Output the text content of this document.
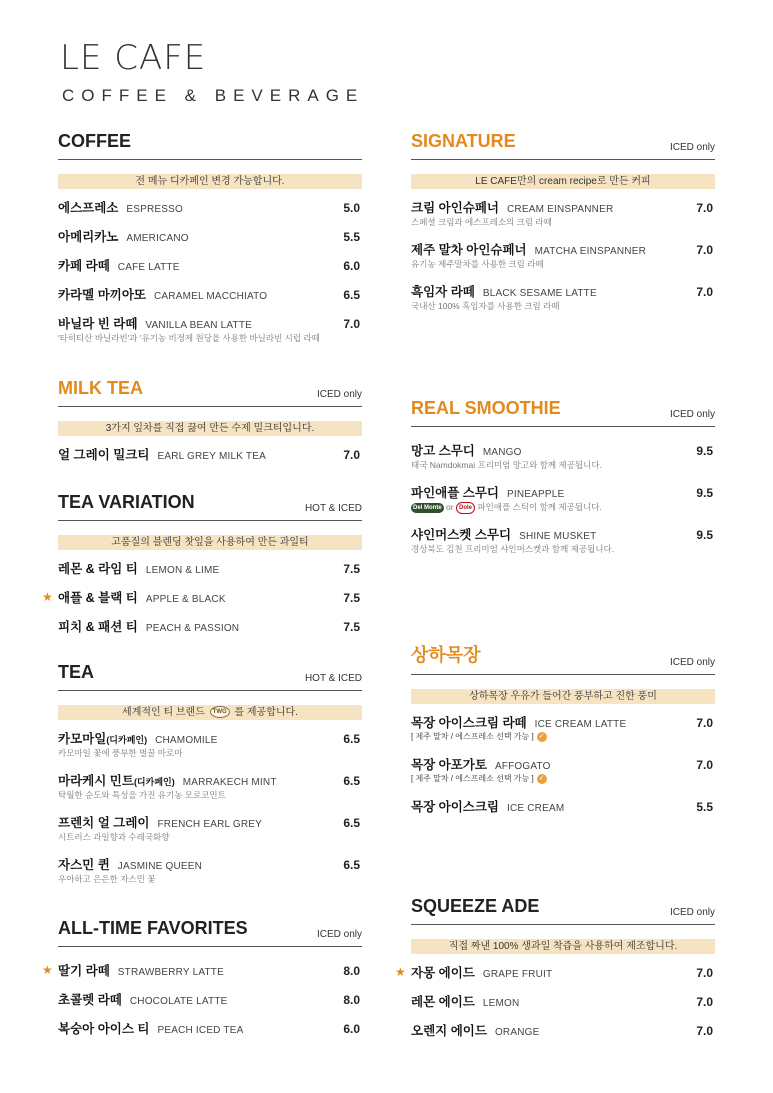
LE CAFE
COFFEE & BEVERAGE
COFFEE
전 메뉴 디카페인 변경 가능합니다.
에스프레소 ESPRESSO	5.0
아메리카노 AMERICANO	5.5
카페 라떼 CAFE LATTE	6.0
카라멜 마끼아또 CARAMEL MACCHIATO	6.5
바닐라 빈 라떼 VANILLA BEAN LATTE	7.0
'타히티산 바닐라빈'과 '유기농 비정제 원당을 사용한 바닐라빈 시럽 라떼
MILK TEA	ICED only
3가지 잎차를 직접 끓여 만든 수제 밀크티입니다.
얼 그레이 밀크티 EARL GREY MILK TEA	7.0
TEA VARIATION	HOT & ICED
고품질의 블렌딩 찻잎을 사용하여 만든 과일티
레몬 & 라임 티 LEMON & LIME	7.5
★ 애플 & 블랙 티 APPLE & BLACK	7.5
피치 & 패션 티 PEACH & PASSION	7.5
TEA	HOT & ICED
세계적인 티 브랜드 TWG 를 제공합니다.
카모마일 (디카페인) CHAMOMILE	6.5
카모마일 꽃에 풍부한 벌꿀 아로마
마라케시 민트 (디카페인) MARRAKECH MINT	6.5
탁월한 순도와 특성을 가진 유기농 모로코민트
프렌치 얼 그레이 FRENCH EARL GREY	6.5
시트러스 과일향과 수레국화향
자스민 퀸 JASMINE QUEEN	6.5
우아하고 은은한 자스민 꽃
ALL-TIME FAVORITES	ICED only
★ 딸기 라떼 STRAWBERRY LATTE	8.0
초콜렛 라떼 CHOCOLATE LATTE	8.0
복숭아 아이스 티 PEACH ICED TEA	6.0
SIGNATURE	ICED only
LE CAFE만의 cream recipe로 만든 커피
크림 아인슈페너 CREAM EINSPANNER	7.0
스페셜 크림과 에스프레소의 크림 라떼
제주 말차 아인슈페너 MATCHA EINSPANNER	7.0
유기농 제주말차를 사용한 크림 라떼
흑임자 라떼 BLACK SESAME LATTE	7.0
국내산 100% 흑임자를 사용한 크림 라떼
REAL SMOOTHIE	ICED only
망고 스무디 MANGO	9.5
태국 Namdokmai 프리미엄 망고와 함께 제공됩니다.
파인애플 스무디 PINEAPPLE	9.5
Del Monte or Dole 파인애플 스틱이 함께 제공됩니다.
샤인머스켓 스무디 SHINE MUSKET	9.5
경상북도 김천 프리미엄 샤인머스켓과 함께 제공됩니다.
상하목장	ICED only
상하목장 우유가 들어간 풍부하고 진한 풍미
목장 아이스크림 라떼 ICE CREAM LATTE	7.0
[ 제주 말차 / 에스프레소 선택 가능 ] ✓
목장 아포가토 AFFOGATO	7.0
[ 제주 말차 / 에스프레소 선택 가능 ] ✓
목장 아이스크림 ICE CREAM	5.5
SQUEEZE ADE	ICED only
직접 짜낸 100% 생과일 착즙을 사용하여 제조합니다.
★ 자몽 에이드 GRAPE FRUIT	7.0
레몬 에이드 LEMON	7.0
오렌지 에이드 ORANGE	7.0
